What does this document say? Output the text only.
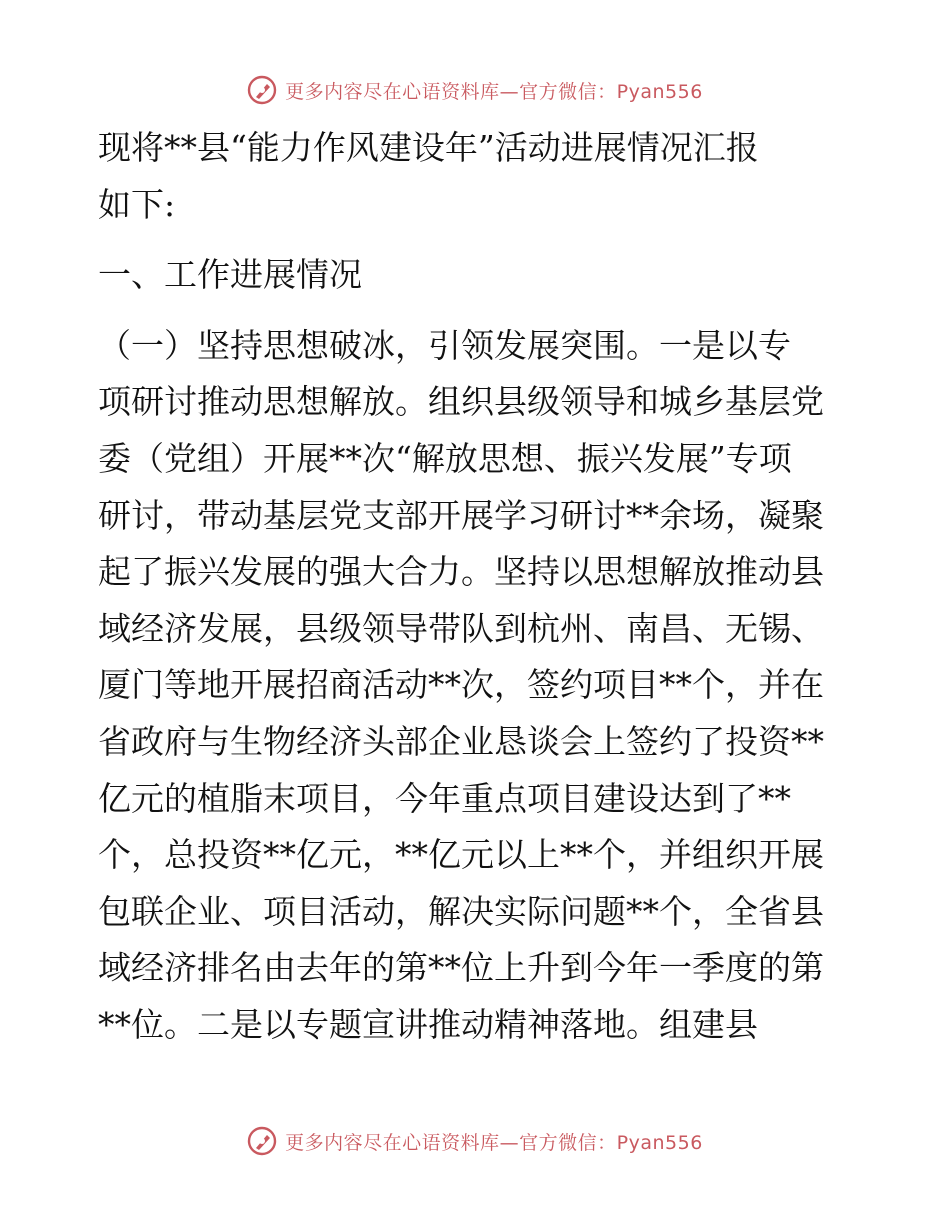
更多内容尽在心语资料库—官方微信：Pyan556
现将**县“能力作风建设年”活动进展情况汇报
如下:
一、工作进展情况
（一）坚持思想破冰，引领发展突围。一是以专
项研讨推动思想解放。组织县级领导和城乡基层党
委（党组）开展**次“解放思想、振兴发展”专项
研讨，带动基层党支部开展学习研讨**余场，凝聚
起了振兴发展的强大合力。坚持以思想解放推动县
域经济发展，县级领导带队到杭州、南昌、无锡、
厦门等地开展招商活动**次，签约项目**个，并在
省政府与生物经济头部企业恳谈会上签约了投资**
亿元的植脂末项目，今年重点项目建设达到了**
个，总投资**亿元，**亿元以上**个，并组织开展
包联企业、项目活动，解决实际问题**个，全省县
域经济排名由去年的第**位上升到今年一季度的第
**位。二是以专题宣讲推动精神落地。组建县
更多内容尽在心语资料库—官方微信：Pyan556
